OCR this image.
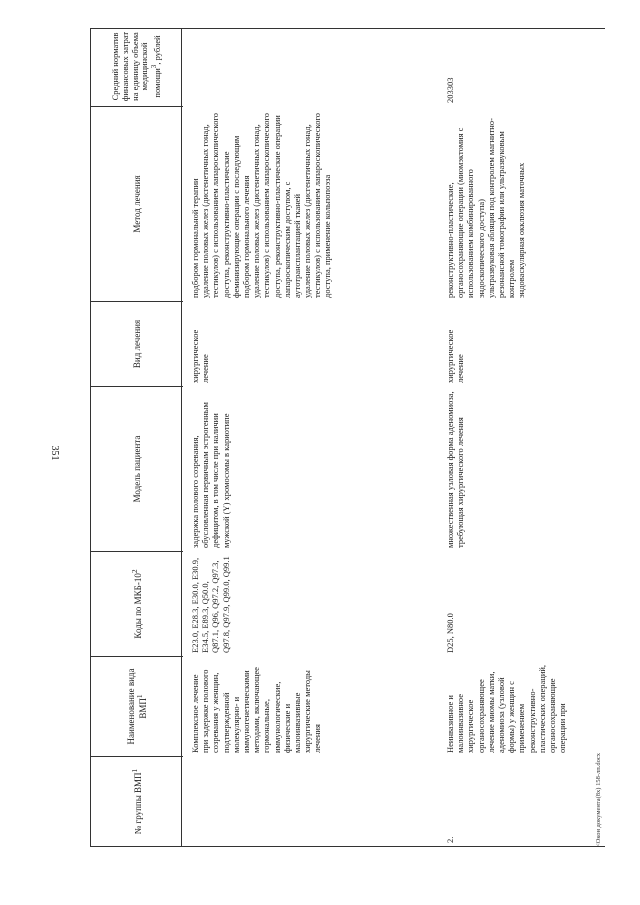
351
№ группы ВМП$^1$
Наименование вида ВМП$^1$
Коды по МКБ-$10^2$
Модель пациента
Вид лечения
Метод лечения
Средний норматив финансовых затрат на единицу объема медицинской помощи$^3$, рублей
Комплексное лечение при задержке полового созревания у женщин, подтвержденной молекулярно- и иммуногенетическими методами, включающее гормональные, иммунологические, физические и малоинвазивные хирургические методы лечения
E23.0, E28.3, E30.0, E30.9, E34.5, E89.3, Q50.0, Q87.1, Q96, Q97.2, Q97.3, Q97.8, Q97.9, Q99.0, Q99.1
задержка полового созревания, обусловленная первичным эстрогенным дефицитом, в том числе при наличии мужской (Y) хромосомы в кариотипе
хирургическое лечение
подбором гормональной терапии
удаление половых желез (дисгенетичных гонад, тестикулов) с использованием лапароскопического доступа, реконструктивно-пластические феминизирующие операции с последующим подбором гормонального лечения
удаление половых желез (дисгенетичных гонад, тестикулов) с использованием лапароскопического доступа, реконструктивно-пластические операции лапароскопическим доступом, с аутотрансплантацией тканей
удаление половых желез (дисгенетичных гонад, тестикулов) с использованием лапароскопического доступа, применение кольпопоэза
2.
Неинвазивное и малоинвазивное хирургическое органосохраняющее лечение миомы матки, аденомиоза (узловой формы) у женщин с применением реконструктивно-пластических операций, органосохраняющие операции при
D25, N80.0
множественная узловая форма аденомиоза, требующая хирургического лечения
хирургическое лечение
реконструктивно-пластические, органосохраняющие операции (миомэктомия с использованием комбинированного эндоскопического доступа)
ультразвуковая абляция под контролем магнитно-резонансной томографии или ультразвуковым контролем
эндоваскулярная окклюзия маточных
203303
<Окон документа(8х) 158-лп.docx
